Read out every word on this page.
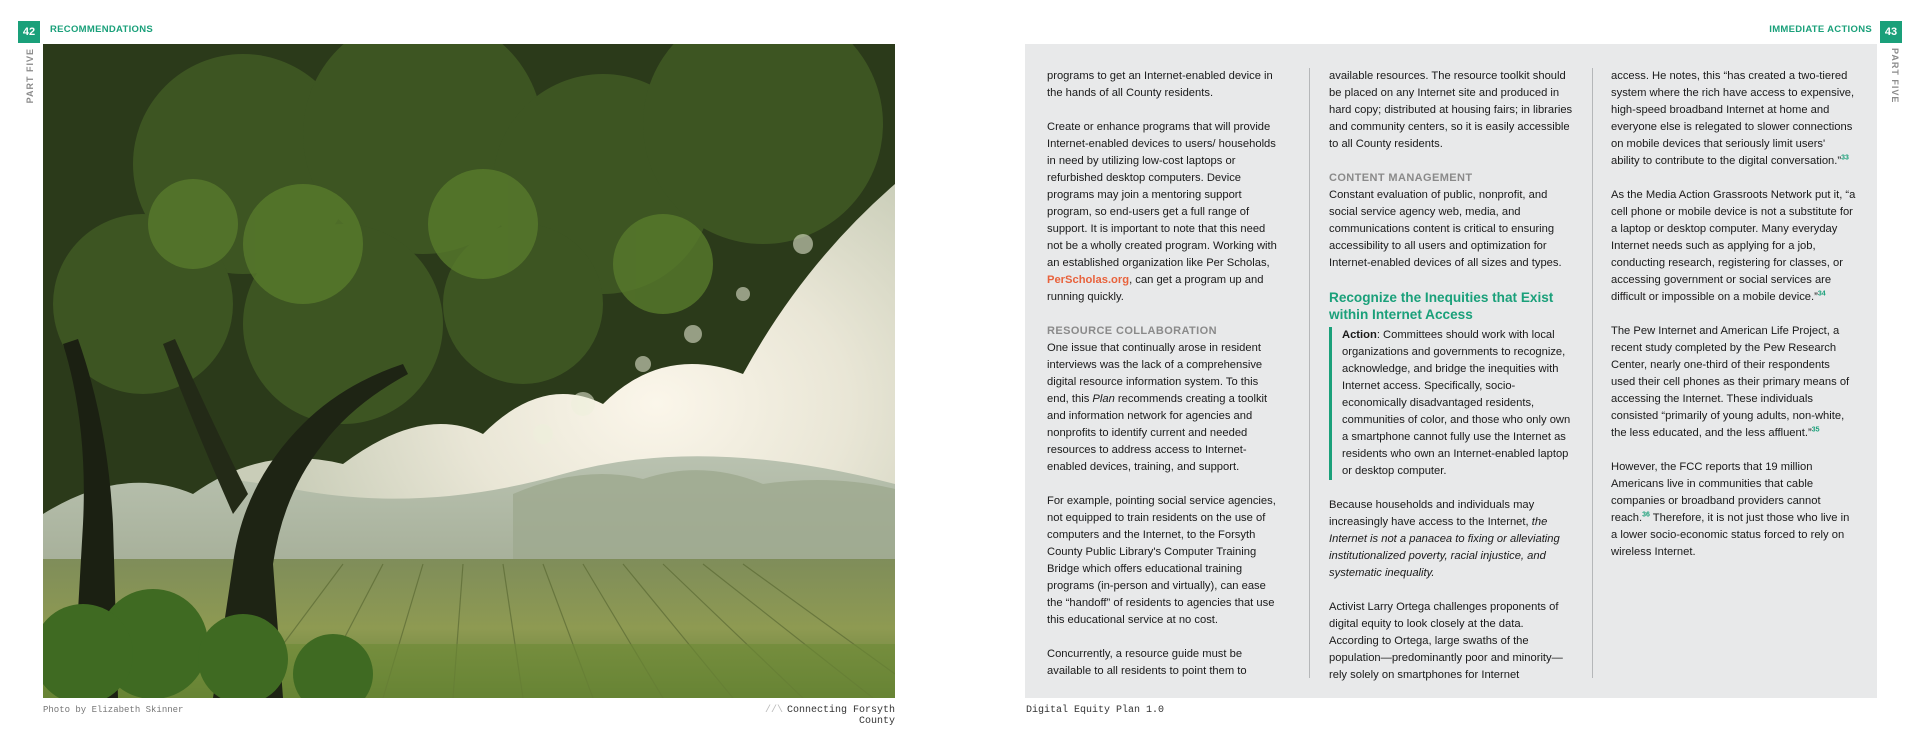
42	RECOMMENDATIONS
PART FIVE
Photo by Elizabeth Skinner	//\ Connecting Forsyth County
IMMEDIATE ACTIONS	43
PART FIVE

programs to get an Internet-enabled device in the hands of all County residents.

Create or enhance programs that will provide Internet-enabled devices to users/ households in need by utilizing low-cost laptops or refurbished desktop computers. Device programs may join a mentoring support program, so end-users get a full range of support. It is important to note that this need not be a wholly created program. Working with an established organization like Per Scholas, PerScholas.org, can get a program up and running quickly.

RESOURCE COLLABORATION

One issue that continually arose in resident interviews was the lack of a comprehensive digital resource information system. To this end, this Plan recommends creating a toolkit and information network for agencies and nonprofits to identify current and needed resources to address access to Internet-enabled devices, training, and support.

For example, pointing social service agencies, not equipped to train residents on the use of computers and the Internet, to the Forsyth County Public Library's Computer Training Bridge which offers educational training programs (in-person and virtually), can ease the “handoff” of residents to agencies that use this educational service at no cost.

Concurrently, a resource guide must be available to all residents to point them to

available resources. The resource toolkit should be placed on any Internet site and produced in hard copy; distributed at housing fairs; in libraries and community centers, so it is easily accessible to all County residents.

CONTENT MANAGEMENT

Constant evaluation of public, nonprofit, and social service agency web, media, and communications content is critical to ensuring accessibility to all users and optimization for Internet-enabled devices of all sizes and types.

Recognize the Inequities that Exist within Internet Access
Action: Committees should work with local organizations and governments to recognize, acknowledge, and bridge the inequities with Internet access. Specifically, socio-economically disadvantaged residents, communities of color, and those who only own a smartphone cannot fully use the Internet as residents who own an Internet-enabled laptop or desktop computer.

Because households and individuals may increasingly have access to the Internet, the Internet is not a panacea to fixing or alleviating institutionalized poverty, racial injustice, and systematic inequality.

Activist Larry Ortega challenges proponents of digital equity to look closely at the data. According to Ortega, large swaths of the population—predominantly poor and minority—rely solely on smartphones for Internet

access. He notes, this “has created a two-tiered system where the rich have access to expensive, high-speed broadband Internet at home and everyone else is relegated to slower connections on mobile devices that seriously limit users' ability to contribute to the digital conversation.”$^{33}$

As the Media Action Grassroots Network put it, “a cell phone or mobile device is not a substitute for a laptop or desktop computer. Many everyday Internet needs such as applying for a job, conducting research, registering for classes, or accessing government or social services are difficult or impossible on a mobile device.”$^{34}$

The Pew Internet and American Life Project, a recent study completed by the Pew Research Center, nearly one-third of their respondents used their cell phones as their primary means of accessing the Internet. These individuals consisted “primarily of young adults, non-white, the less educated, and the less affluent.”$^{35}$

However, the FCC reports that 19 million Americans live in communities that cable companies or broadband providers cannot reach.$^{36}$ Therefore, it is not just those who live in a lower socio-economic status forced to rely on wireless Internet.

Digital Equity Plan 1.0
